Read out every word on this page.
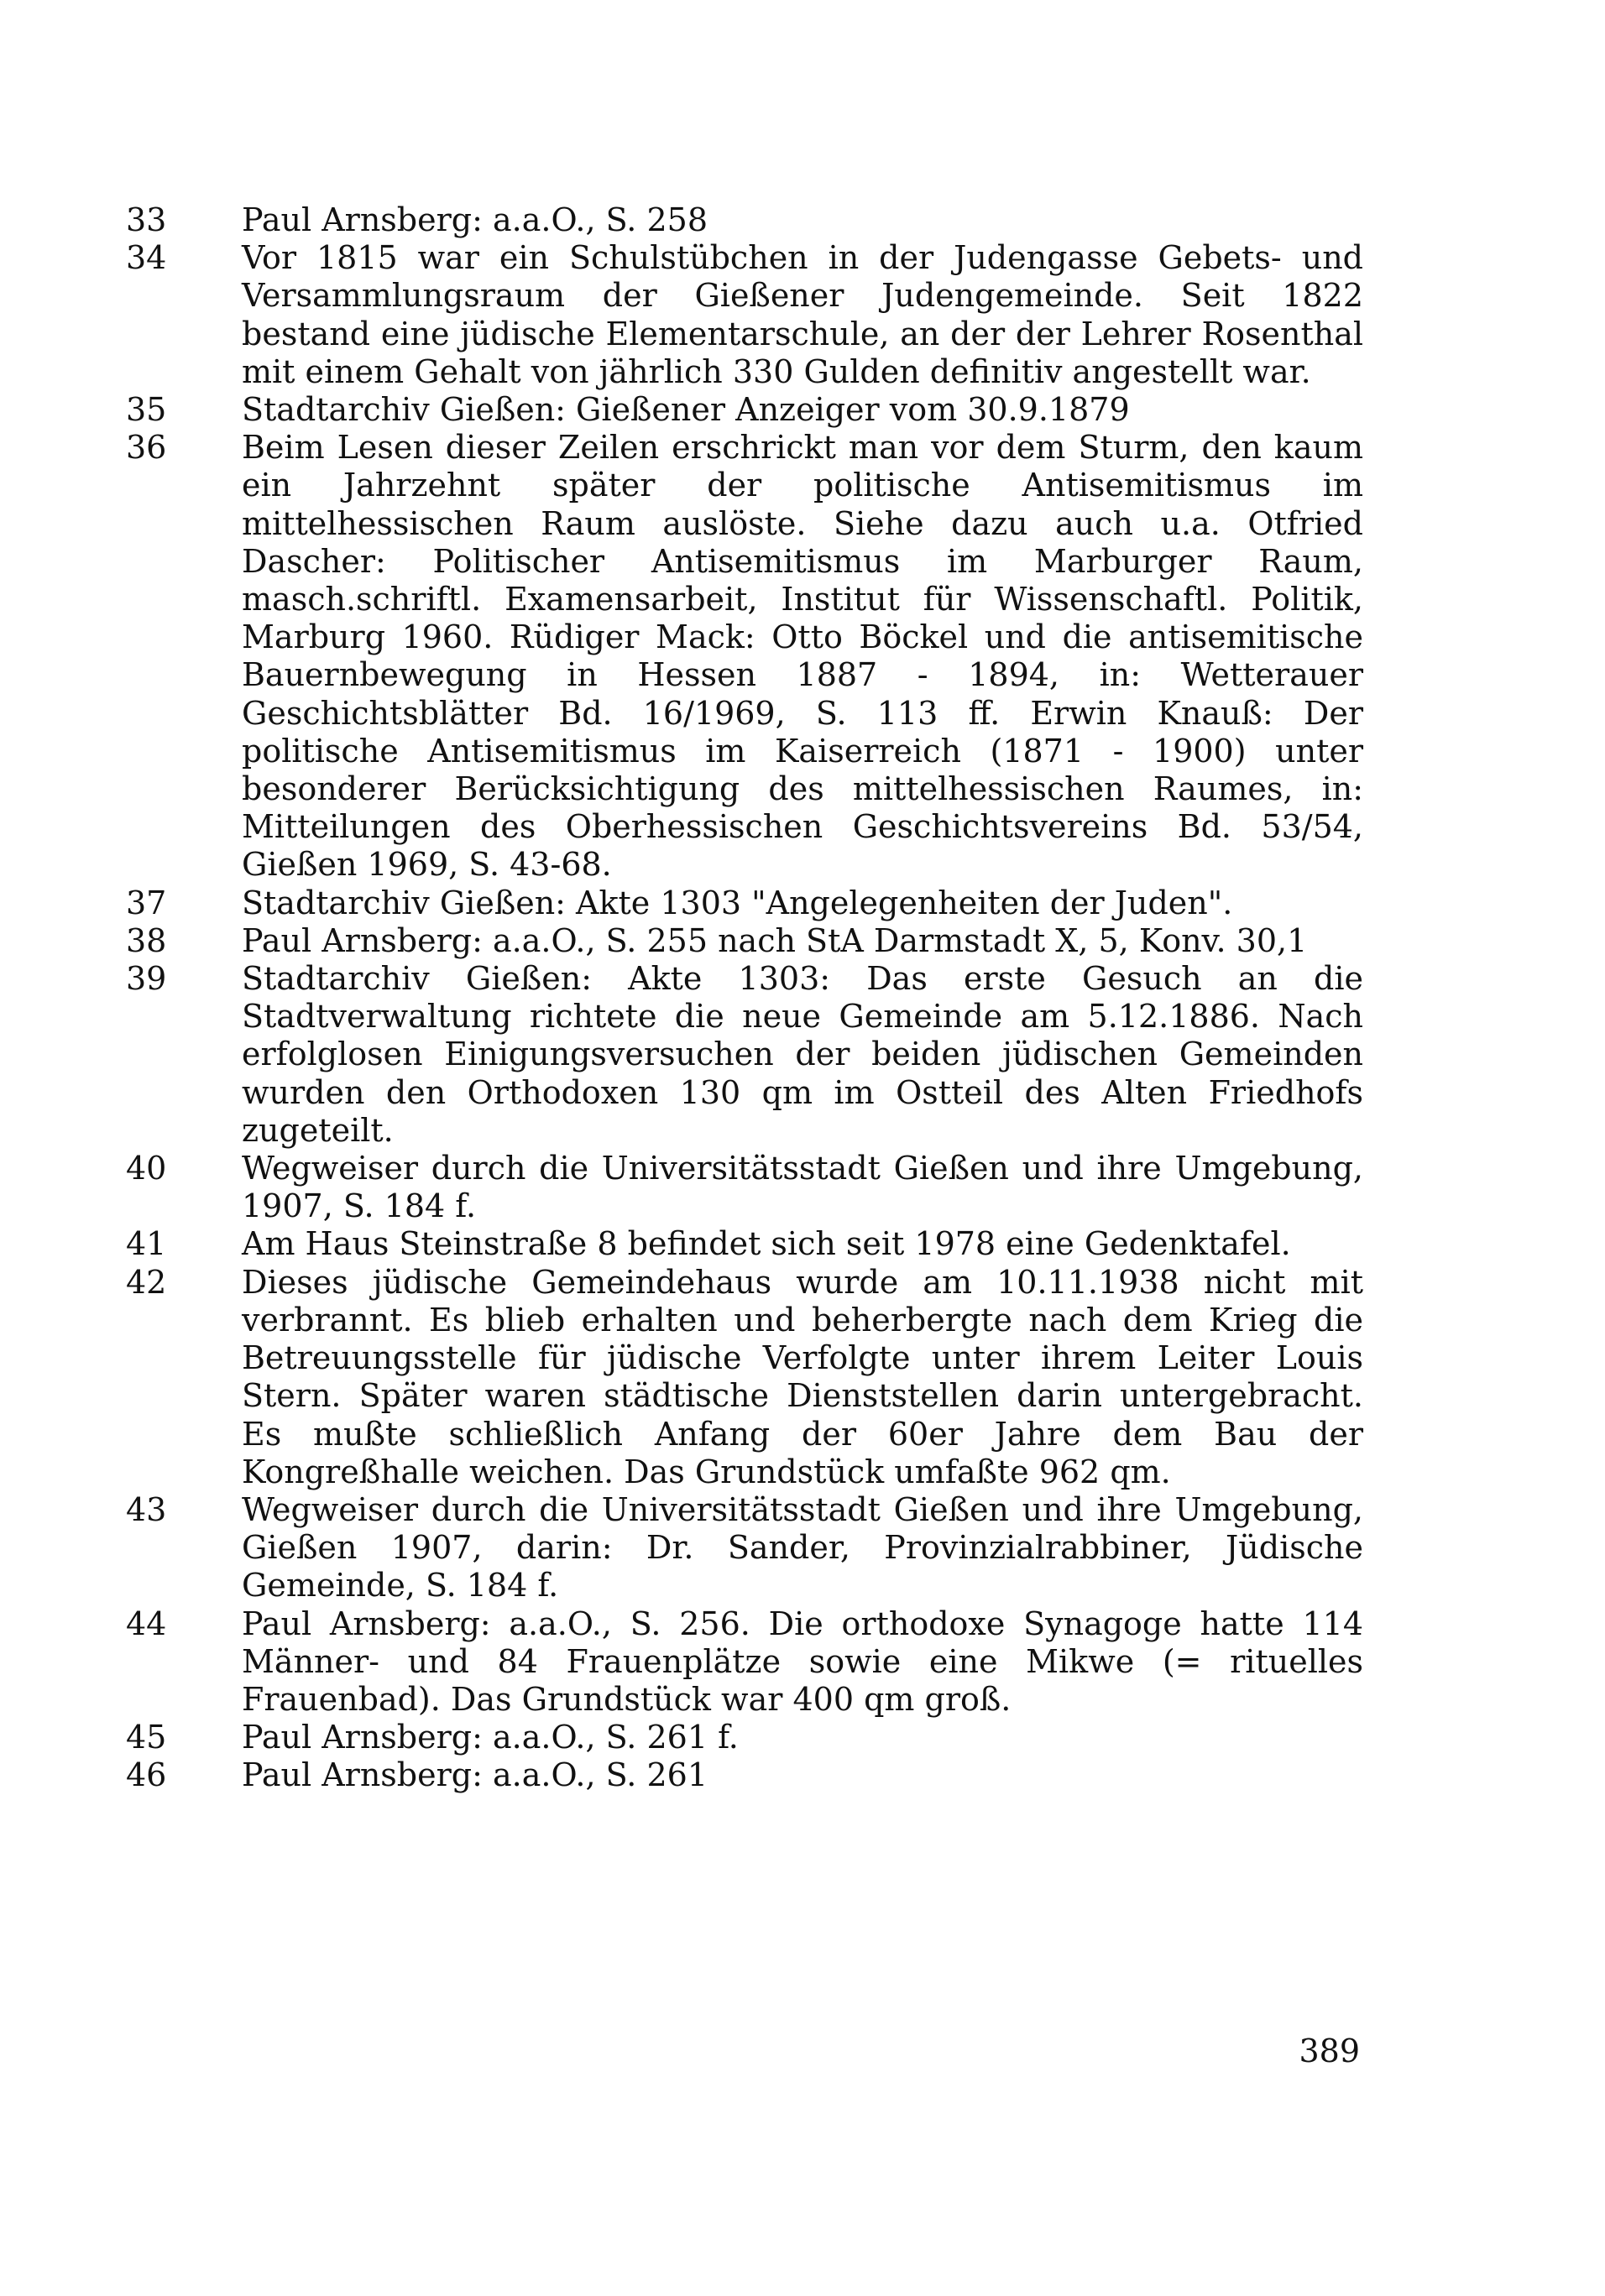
33	Paul Arnsberg: a.a.O., S. 258
34	Vor 1815 war ein Schulstübchen in der Judengasse Gebets- und Versammlungsraum der Gießener Judengemeinde. Seit 1822 bestand eine jüdische Elementarschule, an der der Lehrer Rosenthal mit einem Gehalt von jährlich 330 Gulden definitiv angestellt war.
35	Stadtarchiv Gießen: Gießener Anzeiger vom 30.9.1879
36	Beim Lesen dieser Zeilen erschrickt man vor dem Sturm, den kaum ein Jahrzehnt später der politische Antisemitismus im mittelhessischen Raum auslöste. Siehe dazu auch u.a. Otfried Dascher: Politischer Antisemitismus im Marburger Raum, masch.schriftl. Examensarbeit, Institut für Wissenschaftl. Politik, Marburg 1960. Rüdiger Mack: Otto Böckel und die antisemitische Bauernbewegung in Hessen 1887 - 1894, in: Wetterauer Geschichtsblätter Bd. 16/1969, S. 113 ff. Erwin Knauß: Der politische Antisemitismus im Kaiserreich (1871 - 1900) unter besonderer Berücksichtigung des mittelhessischen Raumes, in: Mitteilungen des Oberhessischen Geschichtsvereins Bd. 53/54, Gießen 1969, S. 43-68.
37	Stadtarchiv Gießen: Akte 1303 "Angelegenheiten der Juden".
38	Paul Arnsberg: a.a.O., S. 255 nach StA Darmstadt X, 5, Konv. 30,1
39	Stadtarchiv Gießen: Akte 1303: Das erste Gesuch an die Stadtverwaltung richtete die neue Gemeinde am 5.12.1886. Nach erfolglosen Einigungsversuchen der beiden jüdischen Gemeinden wurden den Orthodoxen 130 qm im Ostteil des Alten Friedhofs zugeteilt.
40	Wegweiser durch die Universitätsstadt Gießen und ihre Umgebung, 1907, S. 184 f.
41	Am Haus Steinstraße 8 befindet sich seit 1978 eine Gedenktafel.
42	Dieses jüdische Gemeindehaus wurde am 10.11.1938 nicht mit verbrannt. Es blieb erhalten und beherbergte nach dem Krieg die Betreuungsstelle für jüdische Verfolgte unter ihrem Leiter Louis Stern. Später waren städtische Dienststellen darin untergebracht. Es mußte schließlich Anfang der 60er Jahre dem Bau der Kongreßhalle weichen. Das Grundstück umfaßte 962 qm.
43	Wegweiser durch die Universitätsstadt Gießen und ihre Umgebung, Gießen 1907, darin: Dr. Sander, Provinzialrabbiner, Jüdische Gemeinde, S. 184 f.
44	Paul Arnsberg: a.a.O., S. 256. Die orthodoxe Synagoge hatte 114 Männer- und 84 Frauenplätze sowie eine Mikwe (= rituelles Frauenbad). Das Grundstück war 400 qm groß.
45	Paul Arnsberg: a.a.O., S. 261 f.
46	Paul Arnsberg: a.a.O., S. 261
389
